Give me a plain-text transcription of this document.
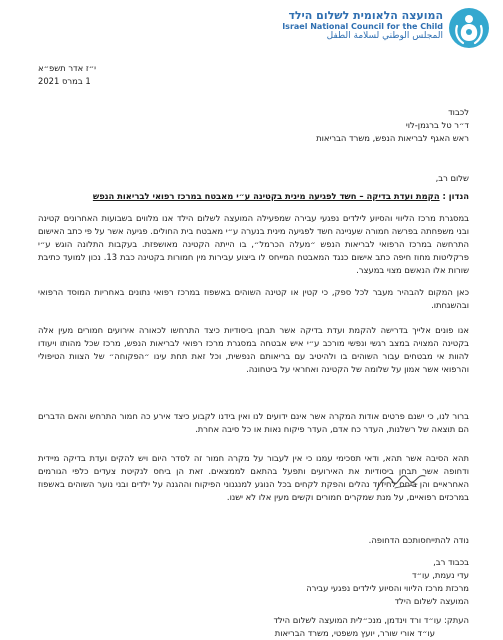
המועצה הלאומית לשלום הילד
Israel National Council for the Child
المجلس الوطني لسلامة الطفل
י״ז אדר תשפ״א
1 במרס 2021
לכבוד
ד״ר טל ברגמן-לוי
ראש האגף לבריאות הנפש, משרד הבריאות
שלום רב,
הנדון : הקמת ועדת בדיקה – חשד לפגיעה מינית בקטינה ע״י מאבטח במרכז רפואי לבריאות הנפש

במסגרת מרכז הליווי והסיוע לילדים נפגעי עבירה שמפעילה המועצה לשלום הילד אנו מלווים בשבועות האחרונים קטינה ובני משפחתה בפרשה חמורה שעניינה חשד לפגיעה מינית בנערה ע״י מאבטח בית החולים. פגיעה אשר על פי כתב האישום התרחשה במרכז הרפואי לבריאות הנפש ״מעלה הכרמל״, בו הייתה הקטינה מאושפזת. בעקבות התלונה הוגש ע״י פרקליטות מחוז חיפה כתב אישום כנגד המאבטח המייחס לו ביצוע עבירות מין חמורות בקטינה כבת 13. נכון למועד כתיבת שורות אלו הנאשם מצוי במעצר.

כאן המקום להבהיר מעבר לכל ספק, כי קטין או קטינה השוהים באשפוז במרכז רפואי נתונים באחריות המוסד הרפואי ובהשגחתו.

אנו פונים אלייך בדרישה להקמת ועדת בדיקה אשר תבחן ביסודיות כיצד התרחשו לכאורה אירועים חמורים מעין אלה בקטינה המצויה במצב רגשי ונפשי מורכב ע״י איש אבטחה במסגרת מרכז רפואי לבריאות הנפש, מרכז שכל מהותו ויעודו להוות אי מבטחים עבור השוהים בו ולהיטיב עם בריאותם הנפשית, וכל זאת תחת עינו ״הפקוחה״ של הצוות הטיפולי והרפואי אשר אמון על שלומה של הקטינה ואחראי על ביטחונה.

ברור לנו, כי ישנם פרטים אודות המקרה אשר אינם ידועים לנו ואין בידנו לקבוע כיצד אירע כה חמור התרחש והאם הדברים הם תוצאה של רשלנות, העדר כח אדם, העדר פיקוח נאות או כל סיבה אחרת.

תהא הסיבה אשר תהא, ודאי תסכימי עמנו כי אין לעבור על מקרה חמור זה לסדר היום ויש להקים ועדת בדיקה מיידית ודחופה אשר תבחן ביסודיות את האירועים ותפעל בהתאם לממצאים. זאת הן ביחס לנקיטת צעדים כלפי הגורמים האחראיים והן ביחס לחידוד נהלים והפקת לקחים בכל הנוגע למנגנוני הפיקוח וההגנה על ילדים ובני נוער השוהים באשפוז במרכזים רפואיים, על מנת שמקרים חמורים וקשים מעין אלו לא ישנו.

נודה להתייחסותכם הדחופה.
בכבוד רב,
עדי נעמת, עו״ד
מרכזת מרכז הליווי והסיוע לילדים נפגעי עבירה
המועצה לשלום הילד
העתק: עו״ד ורד וינדמן, מנכ״לית המועצה לשלום הילד
עו״ד אורי שורר, יועץ משפטי, משרד הבריאות
